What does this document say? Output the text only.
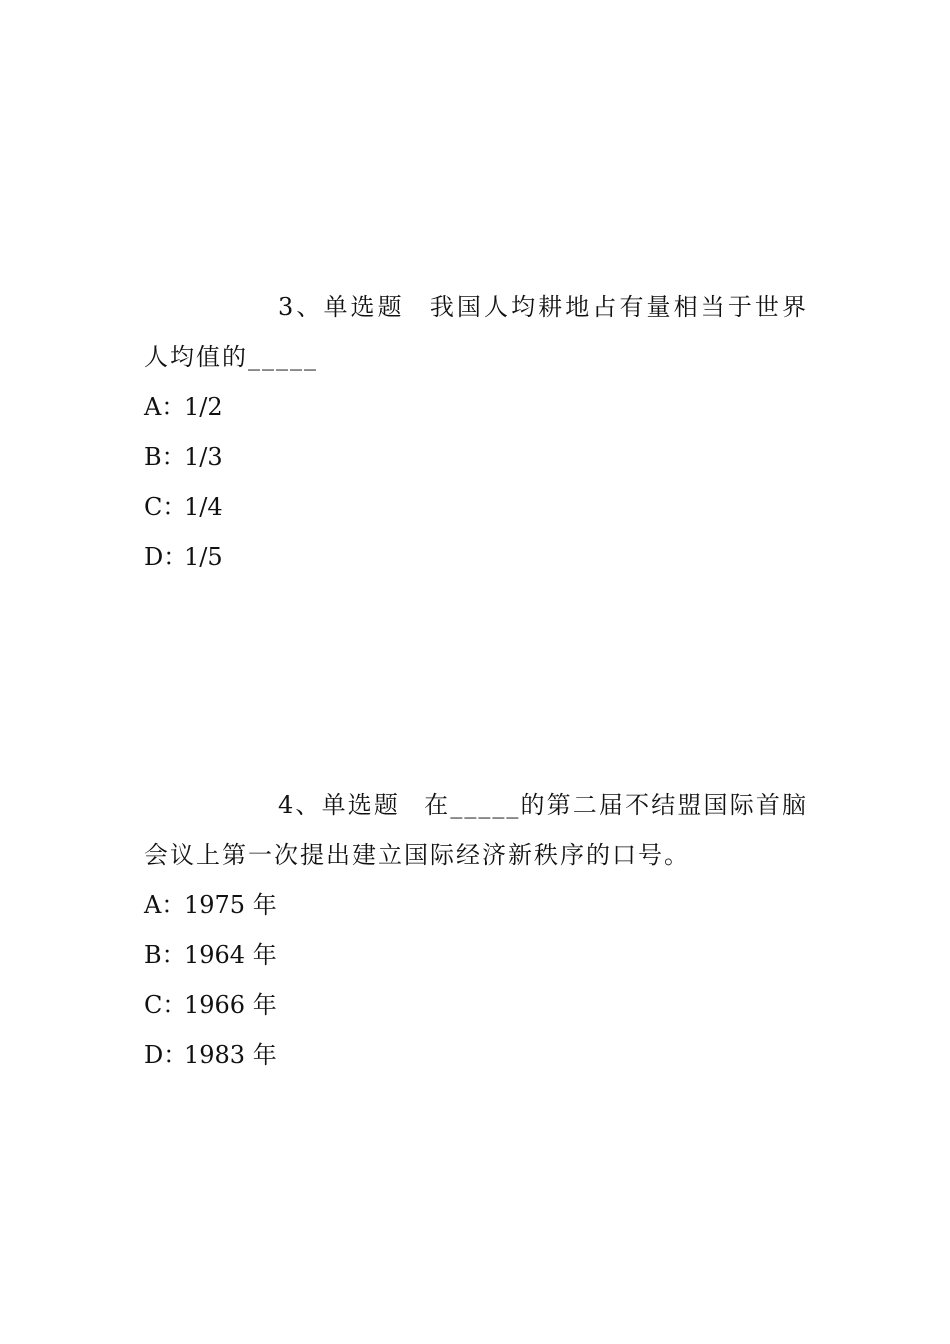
3、单选题 我国人均耕地占有量相当于世界人均值的_____

A：1/2
B：1/3
C：1/4
D：1/5

4、单选题 在_____的第二届不结盟国际首脑会议上第一次提出建立国际经济新秩序的口号。

A：1975 年
B：1964 年
C：1966 年
D：1983 年
